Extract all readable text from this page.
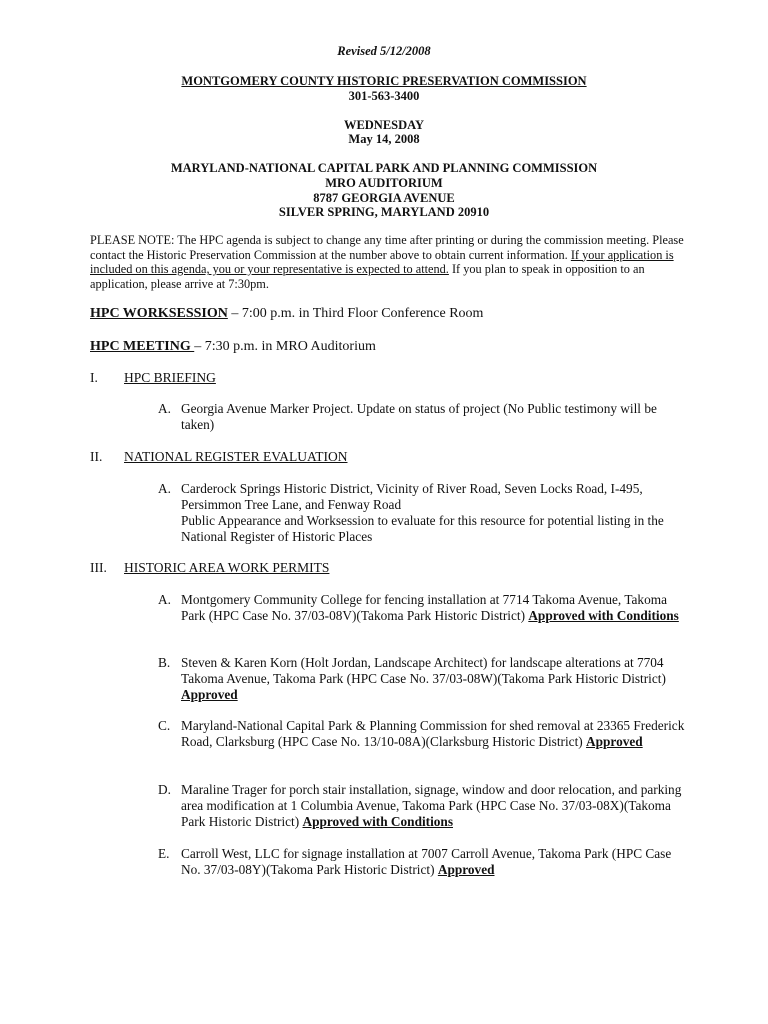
Revised 5/12/2008
MONTGOMERY COUNTY HISTORIC PRESERVATION COMMISSION
301-563-3400
WEDNESDAY
May 14, 2008
MARYLAND-NATIONAL CAPITAL PARK AND PLANNING COMMISSION
MRO AUDITORIUM
8787 GEORGIA AVENUE
SILVER SPRING, MARYLAND 20910
PLEASE NOTE: The HPC agenda is subject to change any time after printing or during the commission meeting. Please contact the Historic Preservation Commission at the number above to obtain current information. If your application is included on this agenda, you or your representative is expected to attend. If you plan to speak in opposition to an application, please arrive at 7:30pm.
HPC WORKSESSION – 7:00 p.m. in Third Floor Conference Room
HPC MEETING – 7:30 p.m. in MRO Auditorium
I. HPC BRIEFING
A. Georgia Avenue Marker Project. Update on status of project (No Public testimony will be taken)
II. NATIONAL REGISTER EVALUATION
A. Carderock Springs Historic District, Vicinity of River Road, Seven Locks Road, I-495, Persimmon Tree Lane, and Fenway Road
Public Appearance and Worksession to evaluate for this resource for potential listing in the National Register of Historic Places
III. HISTORIC AREA WORK PERMITS
A. Montgomery Community College for fencing installation at 7714 Takoma Avenue, Takoma Park (HPC Case No. 37/03-08V)(Takoma Park Historic District) Approved with Conditions
B. Steven & Karen Korn (Holt Jordan, Landscape Architect) for landscape alterations at 7704 Takoma Avenue, Takoma Park (HPC Case No. 37/03-08W)(Takoma Park Historic District) Approved
C. Maryland-National Capital Park & Planning Commission for shed removal at 23365 Frederick Road, Clarksburg (HPC Case No. 13/10-08A)(Clarksburg Historic District) Approved
D. Maraline Trager for porch stair installation, signage, window and door relocation, and parking area modification at 1 Columbia Avenue, Takoma Park (HPC Case No. 37/03-08X)(Takoma Park Historic District) Approved with Conditions
E. Carroll West, LLC for signage installation at 7007 Carroll Avenue, Takoma Park (HPC Case No. 37/03-08Y)(Takoma Park Historic District) Approved
